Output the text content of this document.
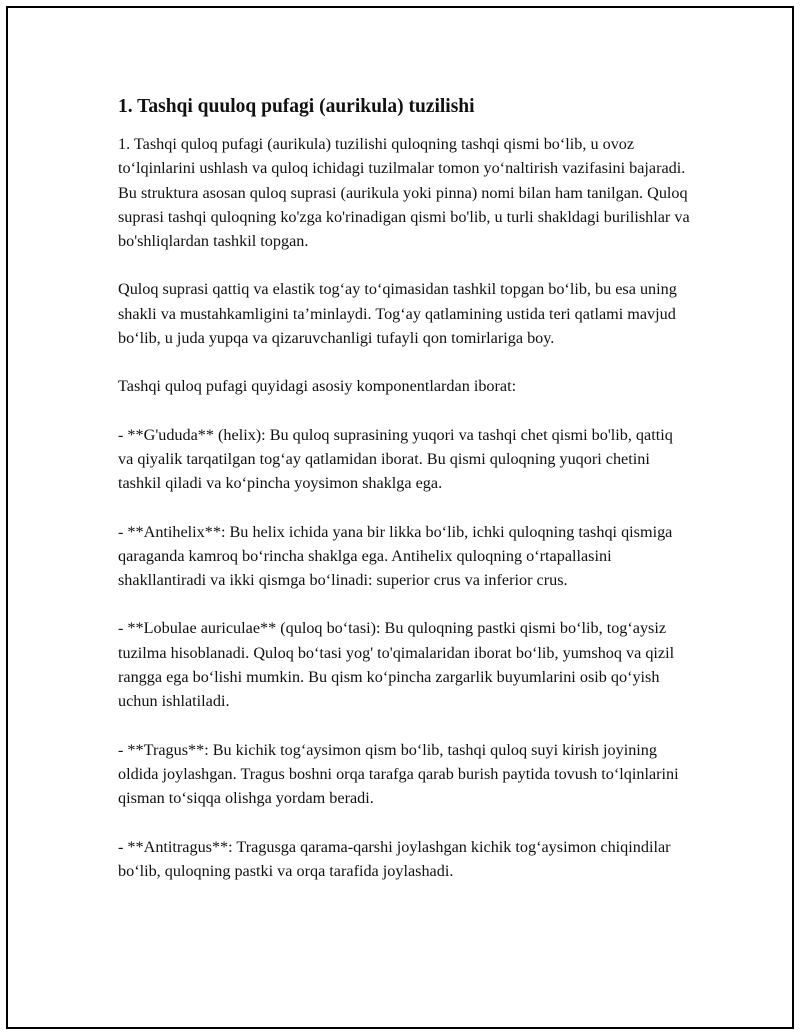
1. Tashqi quuloq pufagi (aurikula) tuzilishi

1. Tashqi quloq pufagi (aurikula) tuzilishi quloqning tashqi qismi bo‘lib, u ovoz to‘lqinlarini ushlash va quloq ichidagi tuzilmalar tomon yo‘naltirish vazifasini bajaradi. Bu struktura asosan quloq suprasi (aurikula yoki pinna) nomi bilan ham tanilgan. Quloq suprasi tashqi quloqning ko'zga ko'rinadigan qismi bo'lib, u turli shakldagi burilishlar va bo'shliqlardan tashkil topgan.

Quloq suprasi qattiq va elastik tog‘ay to‘qimasidan tashkil topgan bo‘lib, bu esa uning shakli va mustahkamligini ta’minlaydi. Tog‘ay qatlamining ustida teri qatlami mavjud bo‘lib, u juda yupqa va qizaruvchanligi tufayli qon tomirlariga boy.

Tashqi quloq pufagi quyidagi asosiy komponentlardan iborat:

- **G'ududa** (helix): Bu quloq suprasining yuqori va tashqi chet qismi bo'lib, qattiq va qiyalik tarqatilgan tog‘ay qatlamidan iborat. Bu qismi quloqning yuqori chetini tashkil qiladi va ko‘pincha yoysimon shaklga ega.

- **Antihelix**: Bu helix ichida yana bir likka bo‘lib, ichki quloqning tashqi qismiga qaraganda kamroq bo‘rincha shaklga ega. Antihelix quloqning o‘rtapallasini shakllantiradi va ikki qismga bo‘linadi: superior crus va inferior crus.

- **Lobulae auriculae** (quloq bo‘tasi): Bu quloqning pastki qismi bo‘lib, tog‘aysiz tuzilma hisoblanadi. Quloq bo‘tasi yog' to'qimalaridan iborat bo‘lib, yumshoq va qizil rangga ega bo‘lishi mumkin. Bu qism ko‘pincha zargarlik buyumlarini osib qo‘yish uchun ishlatiladi.

- **Tragus**: Bu kichik tog‘aysimon qism bo‘lib, tashqi quloq suyi kirish joyining oldida joylashgan. Tragus boshni orqa tarafga qarab burish paytida tovush to‘lqinlarini qisman to‘siqqa olishga yordam beradi.

- **Antitragus**: Tragusga qarama-qarshi joylashgan kichik tog‘aysimon chiqindilar bo‘lib, quloqning pastki va orqa tarafida joylashadi.
